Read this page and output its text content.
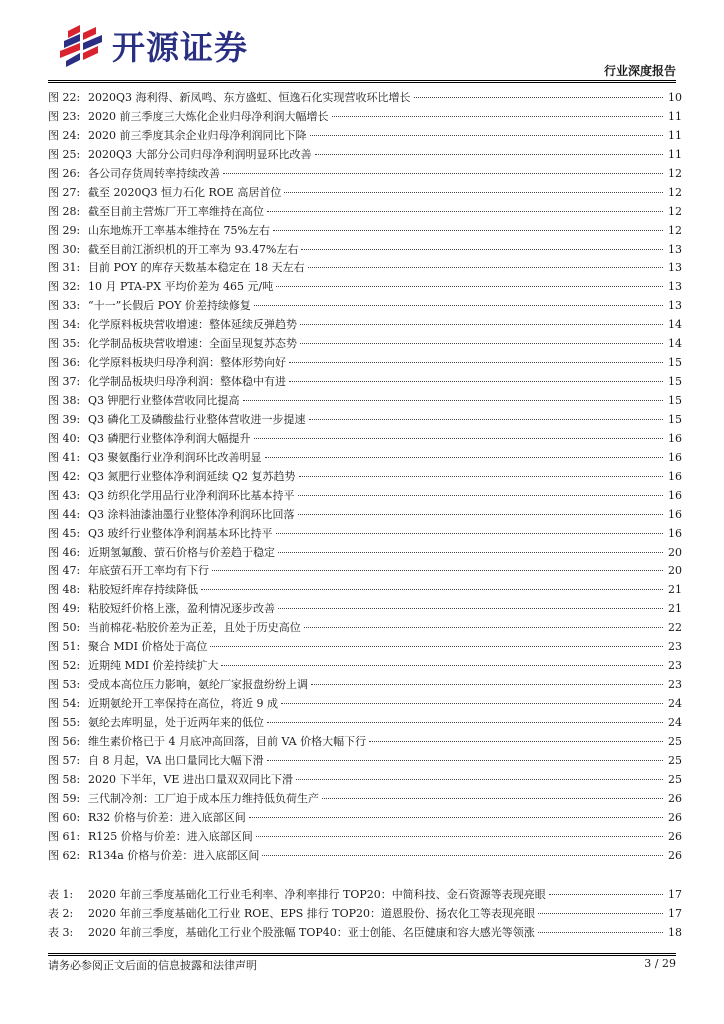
开源证券
行业深度报告
图 22: 2020Q3 海利得、新凤鸣、东方盛虹、恒逸石化实现营收环比增长	10
图 23: 2020 前三季度三大炼化企业归母净利润大幅增长	11
图 24: 2020 前三季度其余企业归母净利润同比下降	11
图 25: 2020Q3 大部分公司归母净利润明显环比改善	11
图 26: 各公司存货周转率持续改善	12
图 27: 截至 2020Q3 恒力石化 ROE 高居首位	12
图 28: 截至目前主营炼厂开工率维持在高位	12
图 29: 山东地炼开工率基本维持在 75%左右	12
图 30: 截至目前江浙织机的开工率为 93.47%左右	13
图 31: 目前 POY 的库存天数基本稳定在 18 天左右	13
图 32: 10 月 PTA-PX 平均价差为 465 元/吨	13
图 33: “十一”长假后 POY 价差持续修复	13
图 34: 化学原料板块营收增速：整体延续反弹趋势	14
图 35: 化学制品板块营收增速：全面呈现复苏态势	14
图 36: 化学原料板块归母净利润：整体形势向好	15
图 37: 化学制品板块归母净利润：整体稳中有进	15
图 38: Q3 钾肥行业整体营收同比提高	15
图 39: Q3 磷化工及磷酸盐行业整体营收进一步提速	15
图 40: Q3 磷肥行业整体净利润大幅提升	16
图 41: Q3 聚氨酯行业净利润环比改善明显	16
图 42: Q3 氮肥行业整体净利润延续 Q2 复苏趋势	16
图 43: Q3 纺织化学用品行业净利润环比基本持平	16
图 44: Q3 涂料油漆油墨行业整体净利润环比回落	16
图 45: Q3 玻纤行业整体净利润基本环比持平	16
图 46: 近期氢氟酸、萤石价格与价差趋于稳定	20
图 47: 年底萤石开工率均有下行	20
图 48: 粘胶短纤库存持续降低	21
图 49: 粘胶短纤价格上涨，盈利情况逐步改善	21
图 50: 当前棉花-粘胶价差为正差，且处于历史高位	22
图 51: 聚合 MDI 价格处于高位	23
图 52: 近期纯 MDI 价差持续扩大	23
图 53: 受成本高位压力影响，氨纶厂家报盘纷纷上调	23
图 54: 近期氨纶开工率保持在高位，将近 9 成	24
图 55: 氨纶去库明显，处于近两年来的低位	24
图 56: 维生素价格已于 4 月底冲高回落，目前 VA 价格大幅下行	25
图 57: 自 8 月起，VA 出口量同比大幅下滑	25
图 58: 2020 下半年，VE 进出口量双双同比下滑	25
图 59: 三代制冷剂：工厂迫于成本压力维持低负荷生产	26
图 60: R32 价格与价差：进入底部区间	26
图 61: R125 价格与价差：进入底部区间	26
图 62: R134a 价格与价差：进入底部区间	26
表 1:	2020 年前三季度基础化工行业毛利率、净利率排行 TOP20：中简科技、金石资源等表现亮眼	17
表 2:	2020 年前三季度基础化工行业 ROE、EPS 排行 TOP20：道恩股份、扬农化工等表现亮眼	17
表 3:	2020 年前三季度，基础化工行业个股涨幅 TOP40：亚士创能、名臣健康和容大感光等领涨	18
请务必参阅正文后面的信息披露和法律声明	3 / 29
